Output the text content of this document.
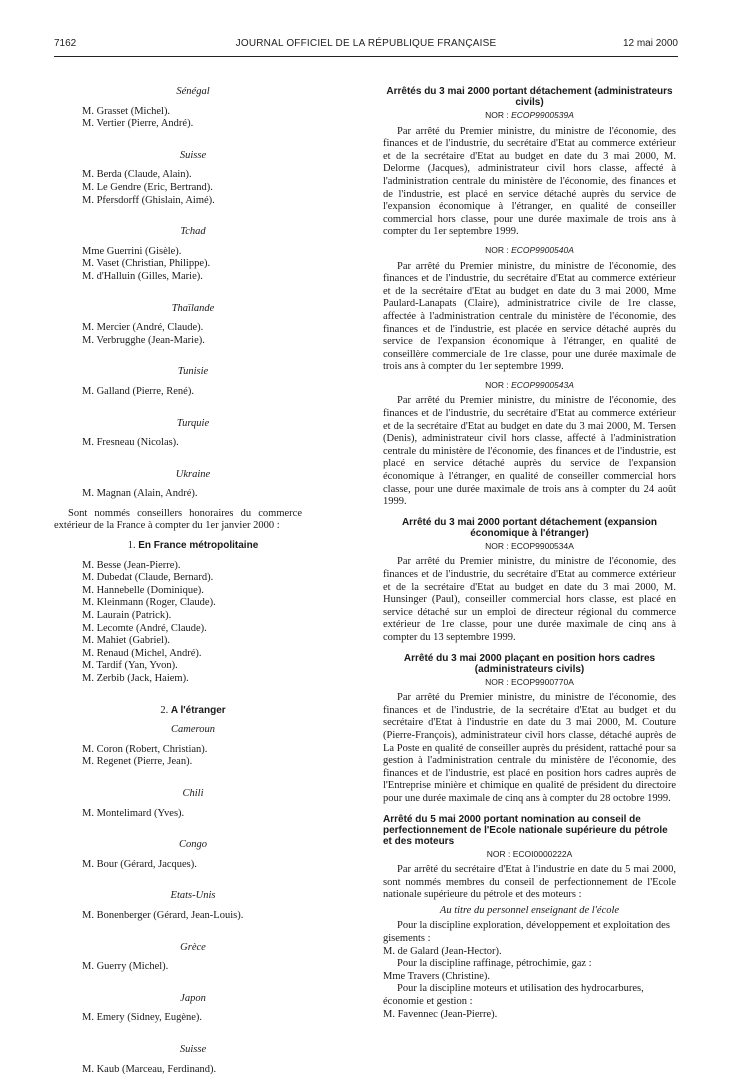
7162	JOURNAL OFFICIEL DE LA RÉPUBLIQUE FRANÇAISE	12 mai 2000

Sénégal

M. Grasset (Michel).

M. Vertier (Pierre, André).

Suisse

M. Berda (Claude, Alain).

M. Le Gendre (Eric, Bertrand).

M. Pfersdorff (Ghislain, Aimé).

Tchad

Mme Guerrini (Gisèle).

M. Vaset (Christian, Philippe).

M. d'Halluin (Gilles, Marie).

Thaïlande

M. Mercier (André, Claude).

M. Verbrugghe (Jean-Marie).

Tunisie

M. Galland (Pierre, René).

Turquie

M. Fresneau (Nicolas).

Ukraine

M. Magnan (Alain, André).

Sont nommés conseillers honoraires du commerce extérieur de la France à compter du 1er janvier 2000 :

1. En France métropolitaine

M. Besse (Jean-Pierre).

M. Dubedat (Claude, Bernard).

M. Hannebelle (Dominique).

M. Kleinmann (Roger, Claude).

M. Laurain (Patrick).

M. Lecomte (André, Claude).

M. Mahiet (Gabriel).

M. Renaud (Michel, André).

M. Tardif (Yan, Yvon).

M. Zerbib (Jack, Haiem).

2. A l'étranger

Cameroun

M. Coron (Robert, Christian).

M. Regenet (Pierre, Jean).

Chili

M. Montelimard (Yves).

Congo

M. Bour (Gérard, Jacques).

Etats-Unis

M. Bonenberger (Gérard, Jean-Louis).

Grèce

M. Guerry (Michel).

Japon

M. Emery (Sidney, Eugène).

Suisse

M. Kaub (Marceau, Ferdinand).

Arrêtés du 3 mai 2000 portant détachement (administrateurs civils)

NOR : ECOP9900539A

Par arrêté du Premier ministre, du ministre de l'économie, des finances et de l'industrie, du secrétaire d'Etat au commerce extérieur et de la secrétaire d'Etat au budget en date du 3 mai 2000, M. Delorme (Jacques), administrateur civil hors classe, affecté à l'administration centrale du ministère de l'économie, des finances et de l'industrie, est placé en service détaché auprès du service de l'expansion économique à l'étranger, en qualité de conseiller commercial hors classe, pour une durée maximale de trois ans à compter du 1er septembre 1999.

NOR : ECOP9900540A

Par arrêté du Premier ministre, du ministre de l'économie, des finances et de l'industrie, du secrétaire d'Etat au commerce extérieur et de la secrétaire d'Etat au budget en date du 3 mai 2000, Mme Paulard-Lanapats (Claire), administratrice civile de 1re classe, affectée à l'administration centrale du ministère de l'économie, des finances et de l'industrie, est placée en service détaché auprès du service de l'expansion économique à l'étranger, en qualité de conseillère commerciale de 1re classe, pour une durée maximale de trois ans à compter du 1er septembre 1999.

NOR : ECOP9900543A

Par arrêté du Premier ministre, du ministre de l'économie, des finances et de l'industrie, du secrétaire d'Etat au commerce extérieur et de la secrétaire d'Etat au budget en date du 3 mai 2000, M. Tersen (Denis), administrateur civil hors classe, affecté à l'administration centrale du ministère de l'économie, des finances et de l'industrie, est placé en service détaché auprès du service de l'expansion économique à l'étranger, en qualité de conseiller commercial hors classe, pour une durée maximale de trois ans à compter du 24 août 1999.

Arrêté du 3 mai 2000 portant détachement (expansion économique à l'étranger)

NOR : ECOP9900534A

Par arrêté du Premier ministre, du ministre de l'économie, des finances et de l'industrie, du secrétaire d'Etat au commerce extérieur et de la secrétaire d'Etat au budget en date du 3 mai 2000, M. Hunsinger (Paul), conseiller commercial hors classe, est placé en service détaché sur un emploi de directeur régional du commerce extérieur de 1re classe, pour une durée maximale de cinq ans à compter du 13 septembre 1999.

Arrêté du 3 mai 2000 plaçant en position hors cadres (administrateurs civils)

NOR : ECOP9900770A

Par arrêté du Premier ministre, du ministre de l'économie, des finances et de l'industrie, de la secrétaire d'Etat au budget et du secrétaire d'Etat à l'industrie en date du 3 mai 2000, M. Couture (Pierre-François), administrateur civil hors classe, détaché auprès de La Poste en qualité de conseiller auprès du président, rattaché pour sa gestion à l'administration centrale du ministère de l'économie, des finances et de l'industrie, est placé en position hors cadres auprès de l'Entreprise minière et chimique en qualité de président du directoire pour une durée maximale de cinq ans à compter du 28 octobre 1999.

Arrêté du 5 mai 2000 portant nomination au conseil de perfectionnement de l'Ecole nationale supérieure du pétrole et des moteurs

NOR : ECOI0000222A

Par arrêté du secrétaire d'Etat à l'industrie en date du 5 mai 2000, sont nommés membres du conseil de perfectionnement de l'Ecole nationale supérieure du pétrole et des moteurs :

Au titre du personnel enseignant de l'école

Pour la discipline exploration, développement et exploitation des gisements :

M. de Galard (Jean-Hector).

Pour la discipline raffinage, pétrochimie, gaz :

Mme Travers (Christine).

Pour la discipline moteurs et utilisation des hydrocarbures, économie et gestion :

M. Favennec (Jean-Pierre).
